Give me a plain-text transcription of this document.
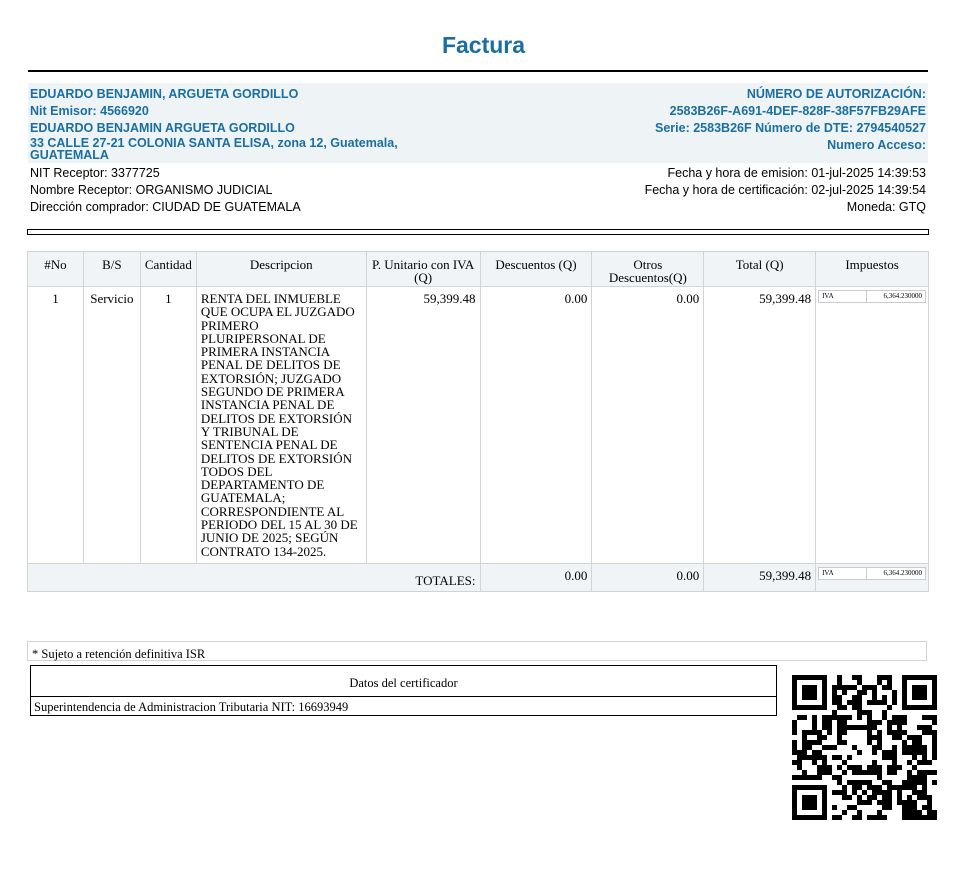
Factura
EDUARDO BENJAMIN, ARGUETA GORDILLO
Nit Emisor: 4566920
EDUARDO BENJAMIN ARGUETA GORDILLO
33 CALLE 27-21 COLONIA SANTA ELISA, zona 12, Guatemala, GUATEMALA
NÚMERO DE AUTORIZACIÓN:
2583B26F-A691-4DEF-828F-38F57FB29AFE
Serie: 2583B26F Número de DTE: 2794540527
Numero Acceso:
NIT Receptor: 3377725
Nombre Receptor: ORGANISMO JUDICIAL
Dirección comprador: CIUDAD DE GUATEMALA
Fecha y hora de emision: 01-jul-2025 14:39:53
Fecha y hora de certificación: 02-jul-2025 14:39:54
Moneda: GTQ
#No	B/S	Cantidad	Descripcion	P. Unitario con IVA (Q)	Descuentos (Q)	Otros Descuentos(Q)	Total (Q)	Impuestos
1	Servicio	1	RENTA DEL INMUEBLE QUE OCUPA EL JUZGADO PRIMERO PLURIPERSONAL DE PRIMERA INSTANCIA PENAL DE DELITOS DE EXTORSIÓN; JUZGADO SEGUNDO DE PRIMERA INSTANCIA PENAL DE DELITOS DE EXTORSIÓN Y TRIBUNAL DE SENTENCIA PENAL DE DELITOS DE EXTORSIÓN TODOS DEL DEPARTAMENTO DE GUATEMALA; CORRESPONDIENTE AL PERIODO DEL 15 AL 30 DE JUNIO DE 2025; SEGÚN CONTRATO 134-2025.	59,399.48	0.00	0.00	59,399.48	IVA	6,364.230000

TOTALES:	0.00	0.00	59,399.48	IVA	6,364.230000
* Sujeto a retención definitiva ISR
Datos del certificador
Superintendencia de Administracion Tributaria NIT: 16693949
